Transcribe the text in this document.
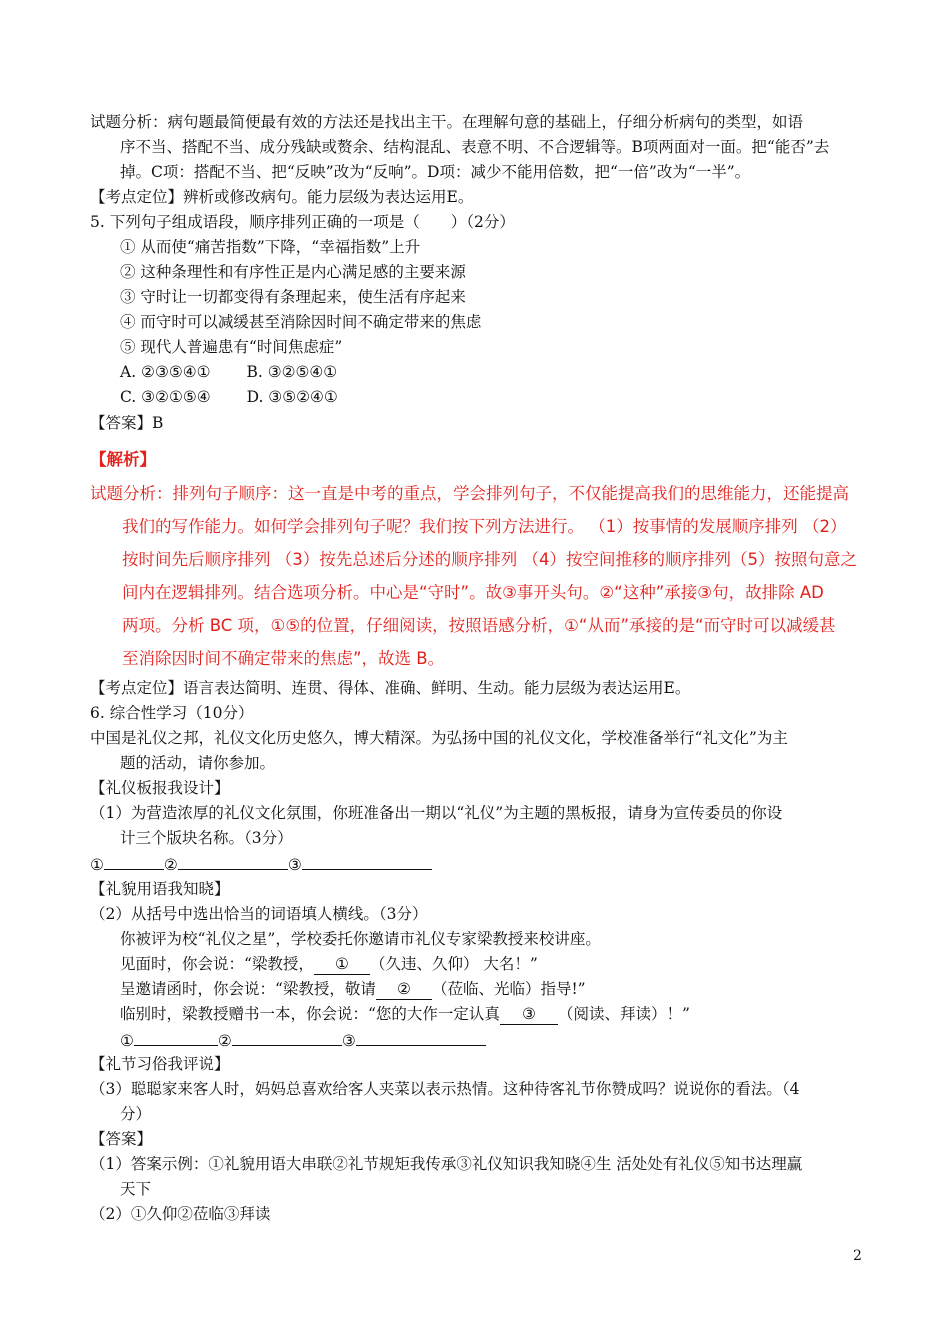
试题分析：病句题最简便最有效的方法还是找出主干。在理解句意的基础上，仔细分析病句的类型，如语
序不当、搭配不当、成分残缺或赘余、结构混乱、表意不明、不合逻辑等。B项两面对一面。把“能否”去
掉。C项：搭配不当、把“反映”改为“反响”。D项：减少不能用倍数，把“一倍”改为“一半”。
【考点定位】辨析或修改病句。能力层级为表达运用E。
5. 下列句子组成语段，顺序排列正确的一项是（　　）（2分）
① 从而使“痛苦指数”下降，“幸福指数”上升
② 这种条理性和有序性正是内心满足感的主要来源
③ 守时让一切都变得有条理起来，使生活有序起来
④ 而守时可以减缓甚至消除因时间不确定带来的焦虑
⑤ 现代人普遍患有“时间焦虑症”
A. ②③⑤④①　　 B. ③②⑤④①
C. ③②①⑤④　　 D. ③⑤②④①
【答案】B
【解析】
试题分析：排列句子顺序：这一直是中考的重点，学会排列句子，不仅能提高我们的思维能力，还能提高
我们的写作能力。如何学会排列句子呢？我们按下列方法进行。 （1）按事情的发展顺序排列 （2）
按时间先后顺序排列 （3）按先总述后分述的顺序排列 （4）按空间推移的顺序排列（5）按照句意之
间内在逻辑排列。结合选项分析。中心是“守时”。故③事开头句。②“这种”承接③句，故排除 AD
两项。分析 BC 项，①⑤的位置，仔细阅读，按照语感分析，①“从而”承接的是“而守时可以减缓甚
至消除因时间不确定带来的焦虑”，故选 B。
【考点定位】语言表达简明、连贯、得体、准确、鲜明、生动。能力层级为表达运用E。
6. 综合性学习（10分）
中国是礼仪之邦，礼仪文化历史悠久，博大精深。为弘扬中国的礼仪文化，学校准备举行“礼文化”为主
题的活动，请你参加。
【礼仪板报我设计】
（1）为营造浓厚的礼仪文化氛围，你班准备出一期以“礼仪”为主题的黑板报，请身为宣传委员的你设
计三个版块名称。（3分）
①	②	③
【礼貌用语我知晓】
（2）从括号中选出恰当的词语填人横线。（3分）
你被评为校“礼仪之星”，学校委托你邀请市礼仪专家梁教授来校讲座。
见面时，你会说：“梁教授， ① （久违、久仰） 大名！”
呈邀请函时，你会说：“梁教授，敬请 ② （莅临、光临）指导!”
临别时，梁教授赠书一本，你会说：“您的大作一定认真 ③ （阅读、拜读）！”
①	②	③
【礼节习俗我评说】
（3）聪聪家来客人时，妈妈总喜欢给客人夹菜以表示热情。这种待客礼节你赞成吗？说说你的看法。（4
分）
【答案】
（1）答案示例：①礼貌用语大串联②礼节规矩我传承③礼仪知识我知晓④生 活处处有礼仪⑤知书达理赢
天下
（2）①久仰②莅临③拜读
2
